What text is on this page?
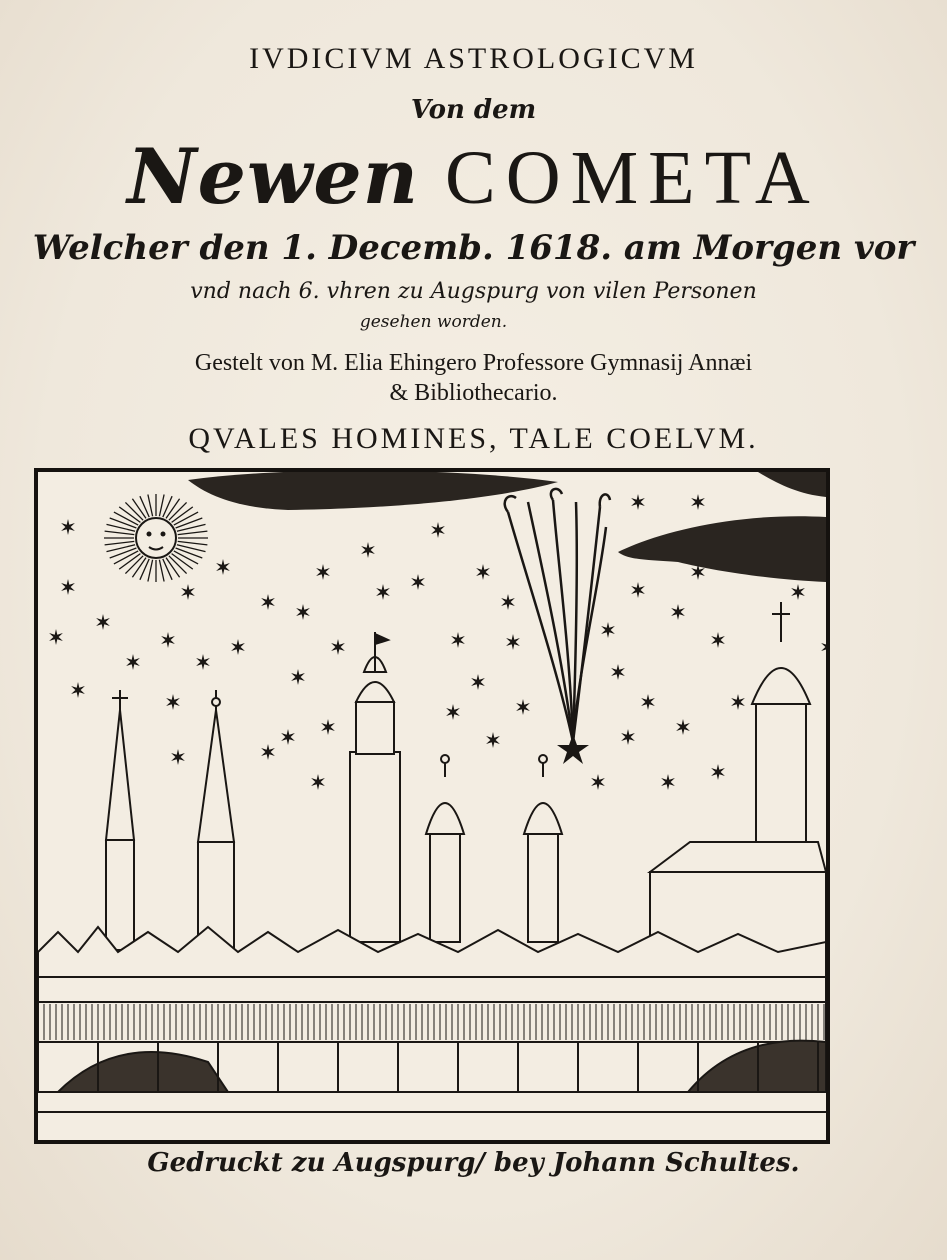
IVDICIVM ASTROLOGICVM
Von dem
Newen COMETA
Welcher den 1. Decemb. 1618. am Morgen vor
vnd nach 6. vhren zu Augspurg von vilen Personen
gesehen worden.
Gestelt von M. Elia Ehingero Professore Gymnasij Annæi
& Bibliothecario.
QVALES HOMINES, TALE COELVM.
Gedruckt zu Augspurg/ bey Johann Schultes.
